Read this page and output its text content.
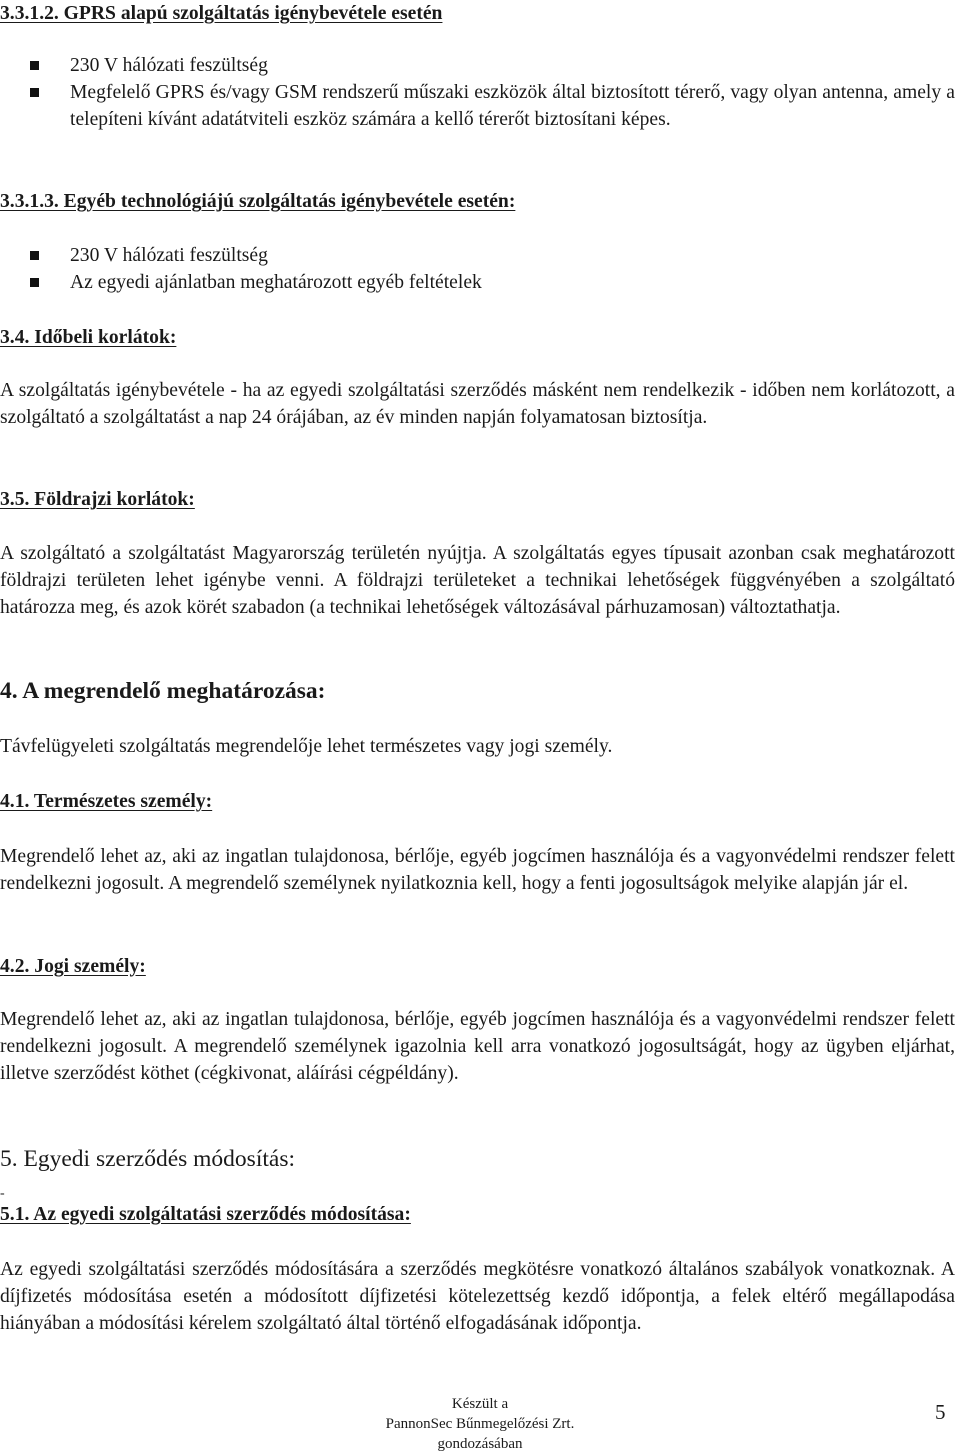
3.3.1.2. GPRS alapú szolgáltatás igénybevétele esetén
230 V hálózati feszültség
Megfelelő GPRS és/vagy GSM rendszerű műszaki eszközök által biztosított térerő, vagy olyan antenna, amely a telepíteni kívánt adatátviteli eszköz számára a kellő térerőt biztosítani képes.
3.3.1.3. Egyéb technológiájú szolgáltatás igénybevétele esetén:
230 V hálózati feszültség
Az egyedi ajánlatban meghatározott egyéb feltételek
3.4. Időbeli korlátok:
A szolgáltatás igénybevétele - ha az egyedi szolgáltatási szerződés másként nem rendelkezik - időben nem korlátozott, a szolgáltató a szolgáltatást a nap 24 órájában, az év minden napján folyamatosan biztosítja.
3.5. Földrajzi korlátok:
A szolgáltató a szolgáltatást Magyarország területén nyújtja. A szolgáltatás egyes típusait azonban csak meghatározott földrajzi területen lehet igénybe venni. A földrajzi területeket a technikai lehetőségek függvényében a szolgáltató határozza meg, és azok körét szabadon (a technikai lehetőségek változásával párhuzamosan) változtathatja.
4. A megrendelő meghatározása:
Távfelügyeleti szolgáltatás megrendelője lehet természetes vagy jogi személy.
4.1. Természetes személy:
Megrendelő lehet az, aki az ingatlan tulajdonosa, bérlője, egyéb jogcímen használója és a vagyonvédelmi rendszer felett rendelkezni jogosult. A megrendelő személynek nyilatkoznia kell, hogy a fenti jogosultságok melyike alapján jár el.
4.2. Jogi személy:
Megrendelő lehet az, aki az ingatlan tulajdonosa, bérlője, egyéb jogcímen használója és a vagyonvédelmi rendszer felett rendelkezni jogosult. A megrendelő személynek igazolnia kell arra vonatkozó jogosultságát, hogy az ügyben eljárhat, illetve szerződést köthet (cégkivonat, aláírási cégpéldány).
5. Egyedi szerződés módosítás:
-
5.1. Az egyedi szolgáltatási szerződés módosítása:
Az egyedi szolgáltatási szerződés módosítására a szerződés megkötésre vonatkozó általános szabályok vonatkoznak. A díjfizetés módosítása esetén a módosított díjfizetési kötelezettség kezdő időpontja, a felek eltérő megállapodása hiányában a módosítási kérelem szolgáltató által történő elfogadásának időpontja.
Készült a
PannonSec Bűnmegelőzési Zrt.
gondozásában
5
